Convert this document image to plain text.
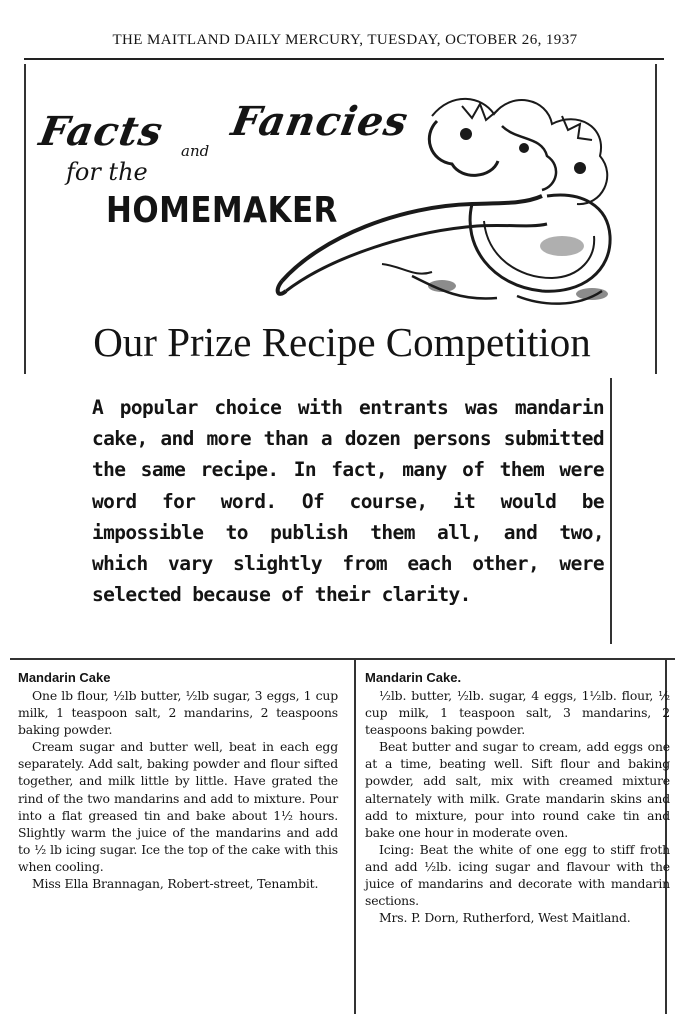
THE MAITLAND DAILY MERCURY, TUESDAY, OCTOBER 26, 1937
Facts and
Fancies
for the
HOMEMAKER
Our Prize Recipe Competition

A popular choice with entrants was mandarin cake, and more than a dozen persons submitted the same recipe. In fact, many of them were word for word. Of course, it would be impossible to publish them all, and two, which vary slightly from each other, were selected because of their clarity.

Mandarin Cake

One lb flour, ½lb butter, ½lb sugar, 3 eggs, 1 cup milk, 1 teaspoon salt, 2 mandarins, 2 teaspoons baking powder.

Cream sugar and butter well, beat in each egg separately. Add salt, baking powder and flour sifted together, and milk little by little. Have grated the rind of the two mandarins and add to mixture. Pour into a flat greased tin and bake about 1½ hours. Slightly warm the juice of the mandarins and add to ½ lb icing sugar. Ice the top of the cake with this when cooling.

Miss Ella Brannagan, Robert-street, Tenambit.

Mandarin Cake.

½lb. butter, ½lb. sugar, 4 eggs, 1½lb. flour, ½ cup milk, 1 teaspoon salt, 3 mandarins, 2 teaspoons baking powder.

Beat butter and sugar to cream, add eggs one at a time, beating well. Sift flour and baking powder, add salt, mix with creamed mixture alternately with milk. Grate mandarin skins and add to mixture, pour into round cake tin and bake one hour in moderate oven.

Icing: Beat the white of one egg to stiff froth and add ½lb. icing sugar and flavour with the juice of mandarins and decorate with mandarin sections.

Mrs. P. Dorn, Rutherford, West Maitland.
